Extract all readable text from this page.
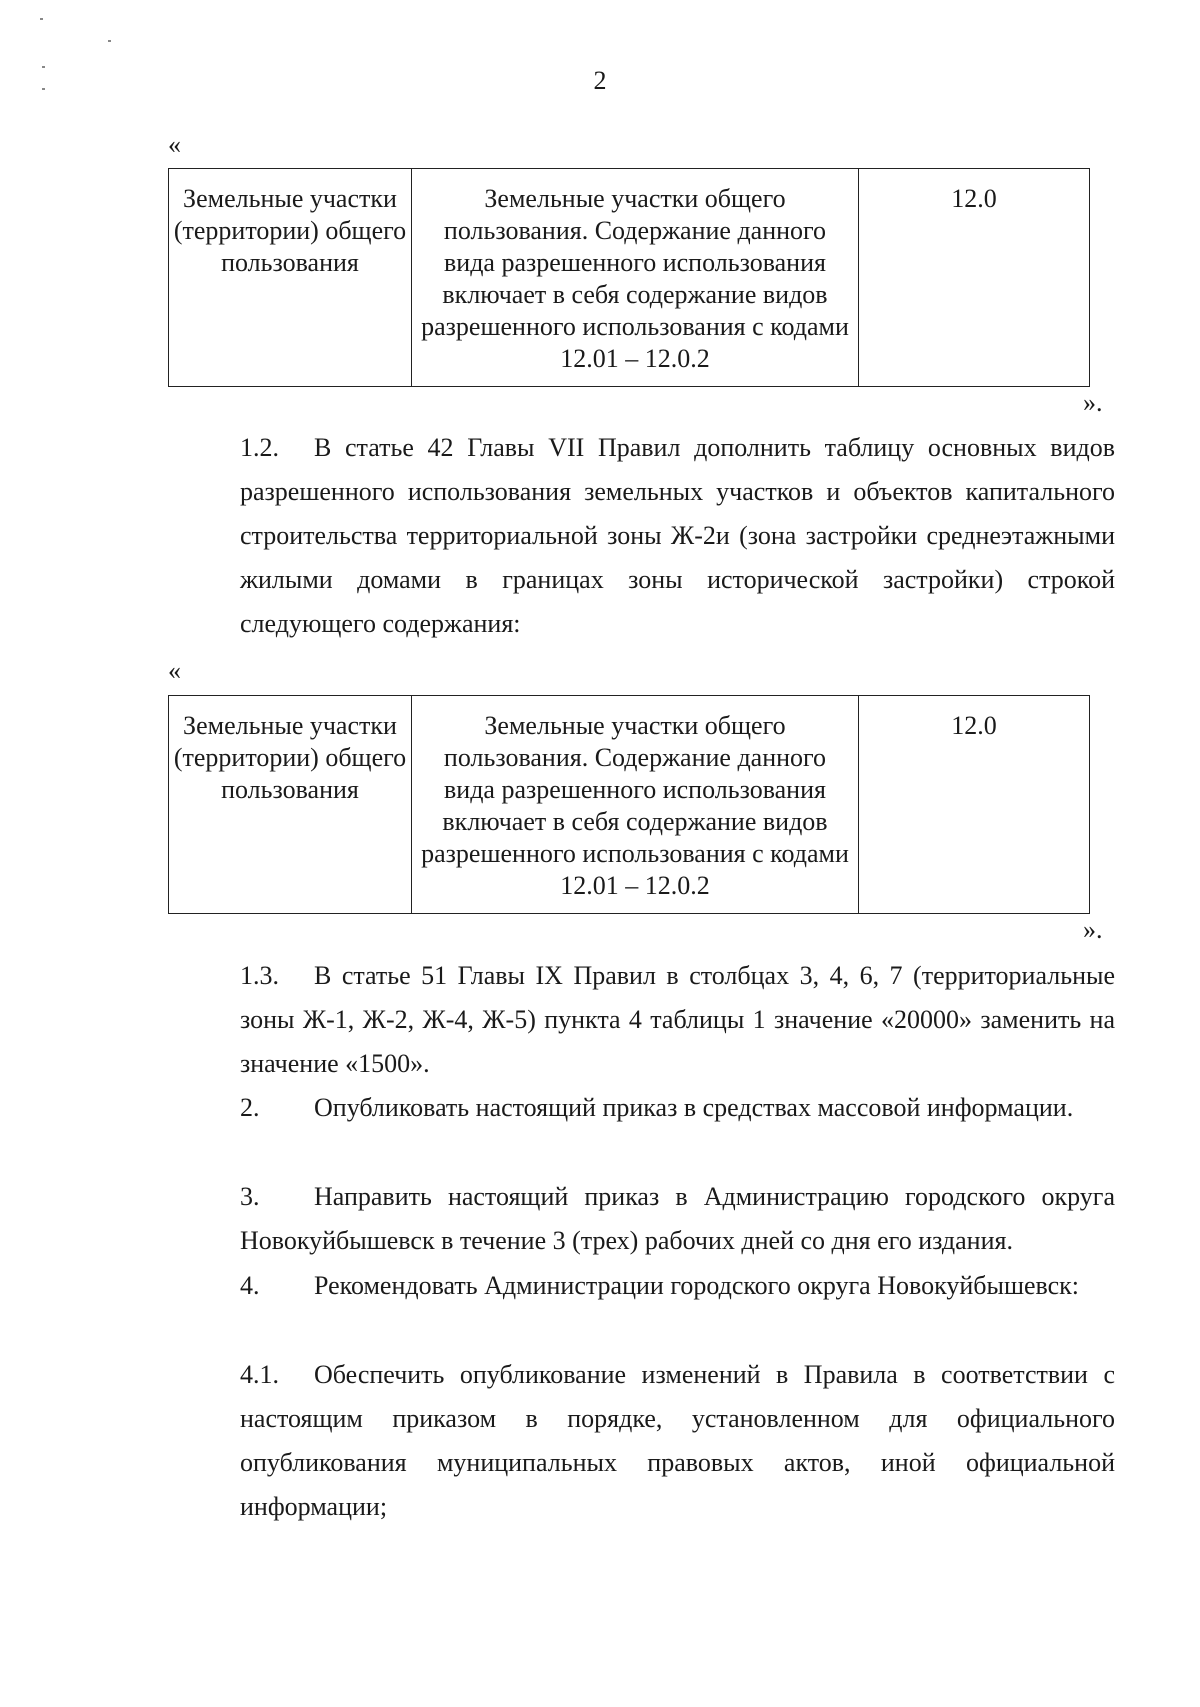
2
«
Земельные участки (территории) общего пользования	Земельные участки общего пользования. Содержание данного вида разрешенного использования включает в себя содержание видов разрешенного использования с кодами 12.01 – 12.0.2	12.0
».
1.2. В статье 42 Главы VII Правил дополнить таблицу основных видов разрешенного использования земельных участков и объектов капитального строительства территориальной зоны Ж-2и (зона застройки среднеэтажными жилыми домами в границах зоны исторической застройки) строкой следующего содержания:
«
Земельные участки (территории) общего пользования	Земельные участки общего пользования. Содержание данного вида разрешенного использования включает в себя содержание видов разрешенного использования с кодами 12.01 – 12.0.2	12.0
».
1.3. В статье 51 Главы IX Правил в столбцах 3, 4, 6, 7 (территориальные зоны Ж-1, Ж-2, Ж-4, Ж-5) пункта 4 таблицы 1 значение «20000» заменить на значение «1500».
2. Опубликовать настоящий приказ в средствах массовой информации.
3. Направить настоящий приказ в Администрацию городского округа Новокуйбышевск в течение 3 (трех) рабочих дней со дня его издания.
4. Рекомендовать Администрации городского округа Новокуйбышевск:
4.1. Обеспечить опубликование изменений в Правила в соответствии с настоящим приказом в порядке, установленном для официального опубликования муниципальных правовых актов, иной официальной информации;
